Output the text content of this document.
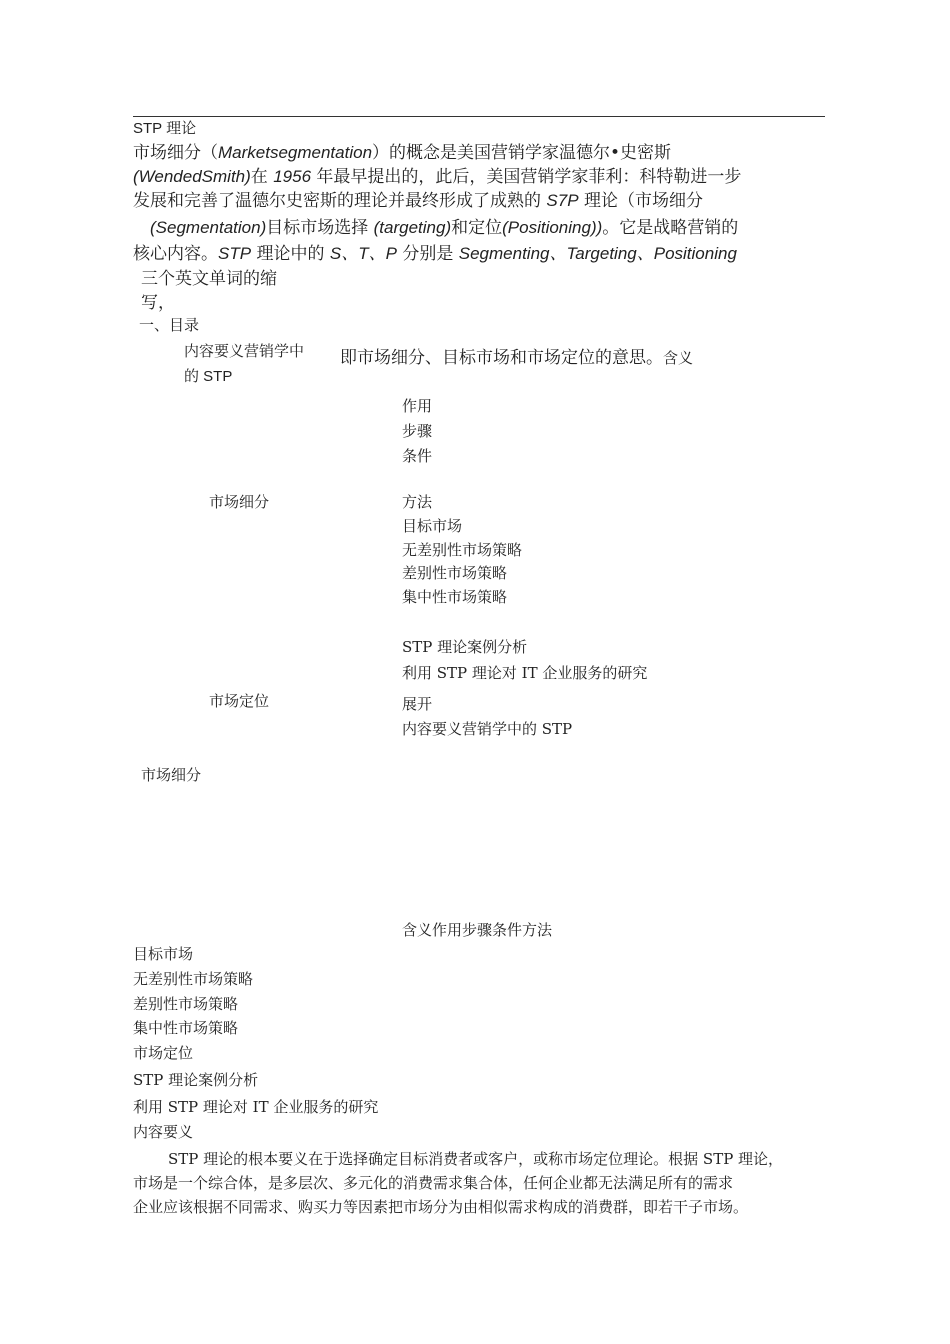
STP 理论
市场细分（Marketsegmentation）的概念是美国营销学家温德尔•史密斯
(WendedSmith)在 1956 年最早提出的，此后，美国营销学家菲利：科特勒进一步
发展和完善了温德尔史密斯的理论并最终形成了成熟的 S7P 理论（市场细分
(Segmentation)目标市场选择 (targeting)和定位(Positioning))。它是战略营销的
核心内容。STP 理论中的 S、T、P 分别是 Segmenting、Targeting、Positioning
三个英文单词的缩
写，
一、目录
内容要义营销学中
的 STP
即市场细分、目标市场和市场定位的意思。含义
作用
步骤
条件
市场细分	方法
目标市场
无差别性市场策略
差别性市场策略
集中性市场策略
STP 理论案例分析
利用 STP 理论对 IT 企业服务的研究
市场定位	展开
内容要义营销学中的 STP
市场细分
含义作用步骤条件方法
目标市场
无差别性市场策略
差别性市场策略
集中性市场策略
市场定位
STP 理论案例分析
利用 STP 理论对 IT 企业服务的研究
内容要义
STP 理论的根本要义在于选择确定目标消费者或客户，或称市场定位理论。根据 STP 理论，
市场是一个综合体，是多层次、多元化的消费需求集合体，任何企业都无法满足所有的需求
企业应该根据不同需求、购买力等因素把市场分为由相似需求构成的消费群，即若干子市场。
